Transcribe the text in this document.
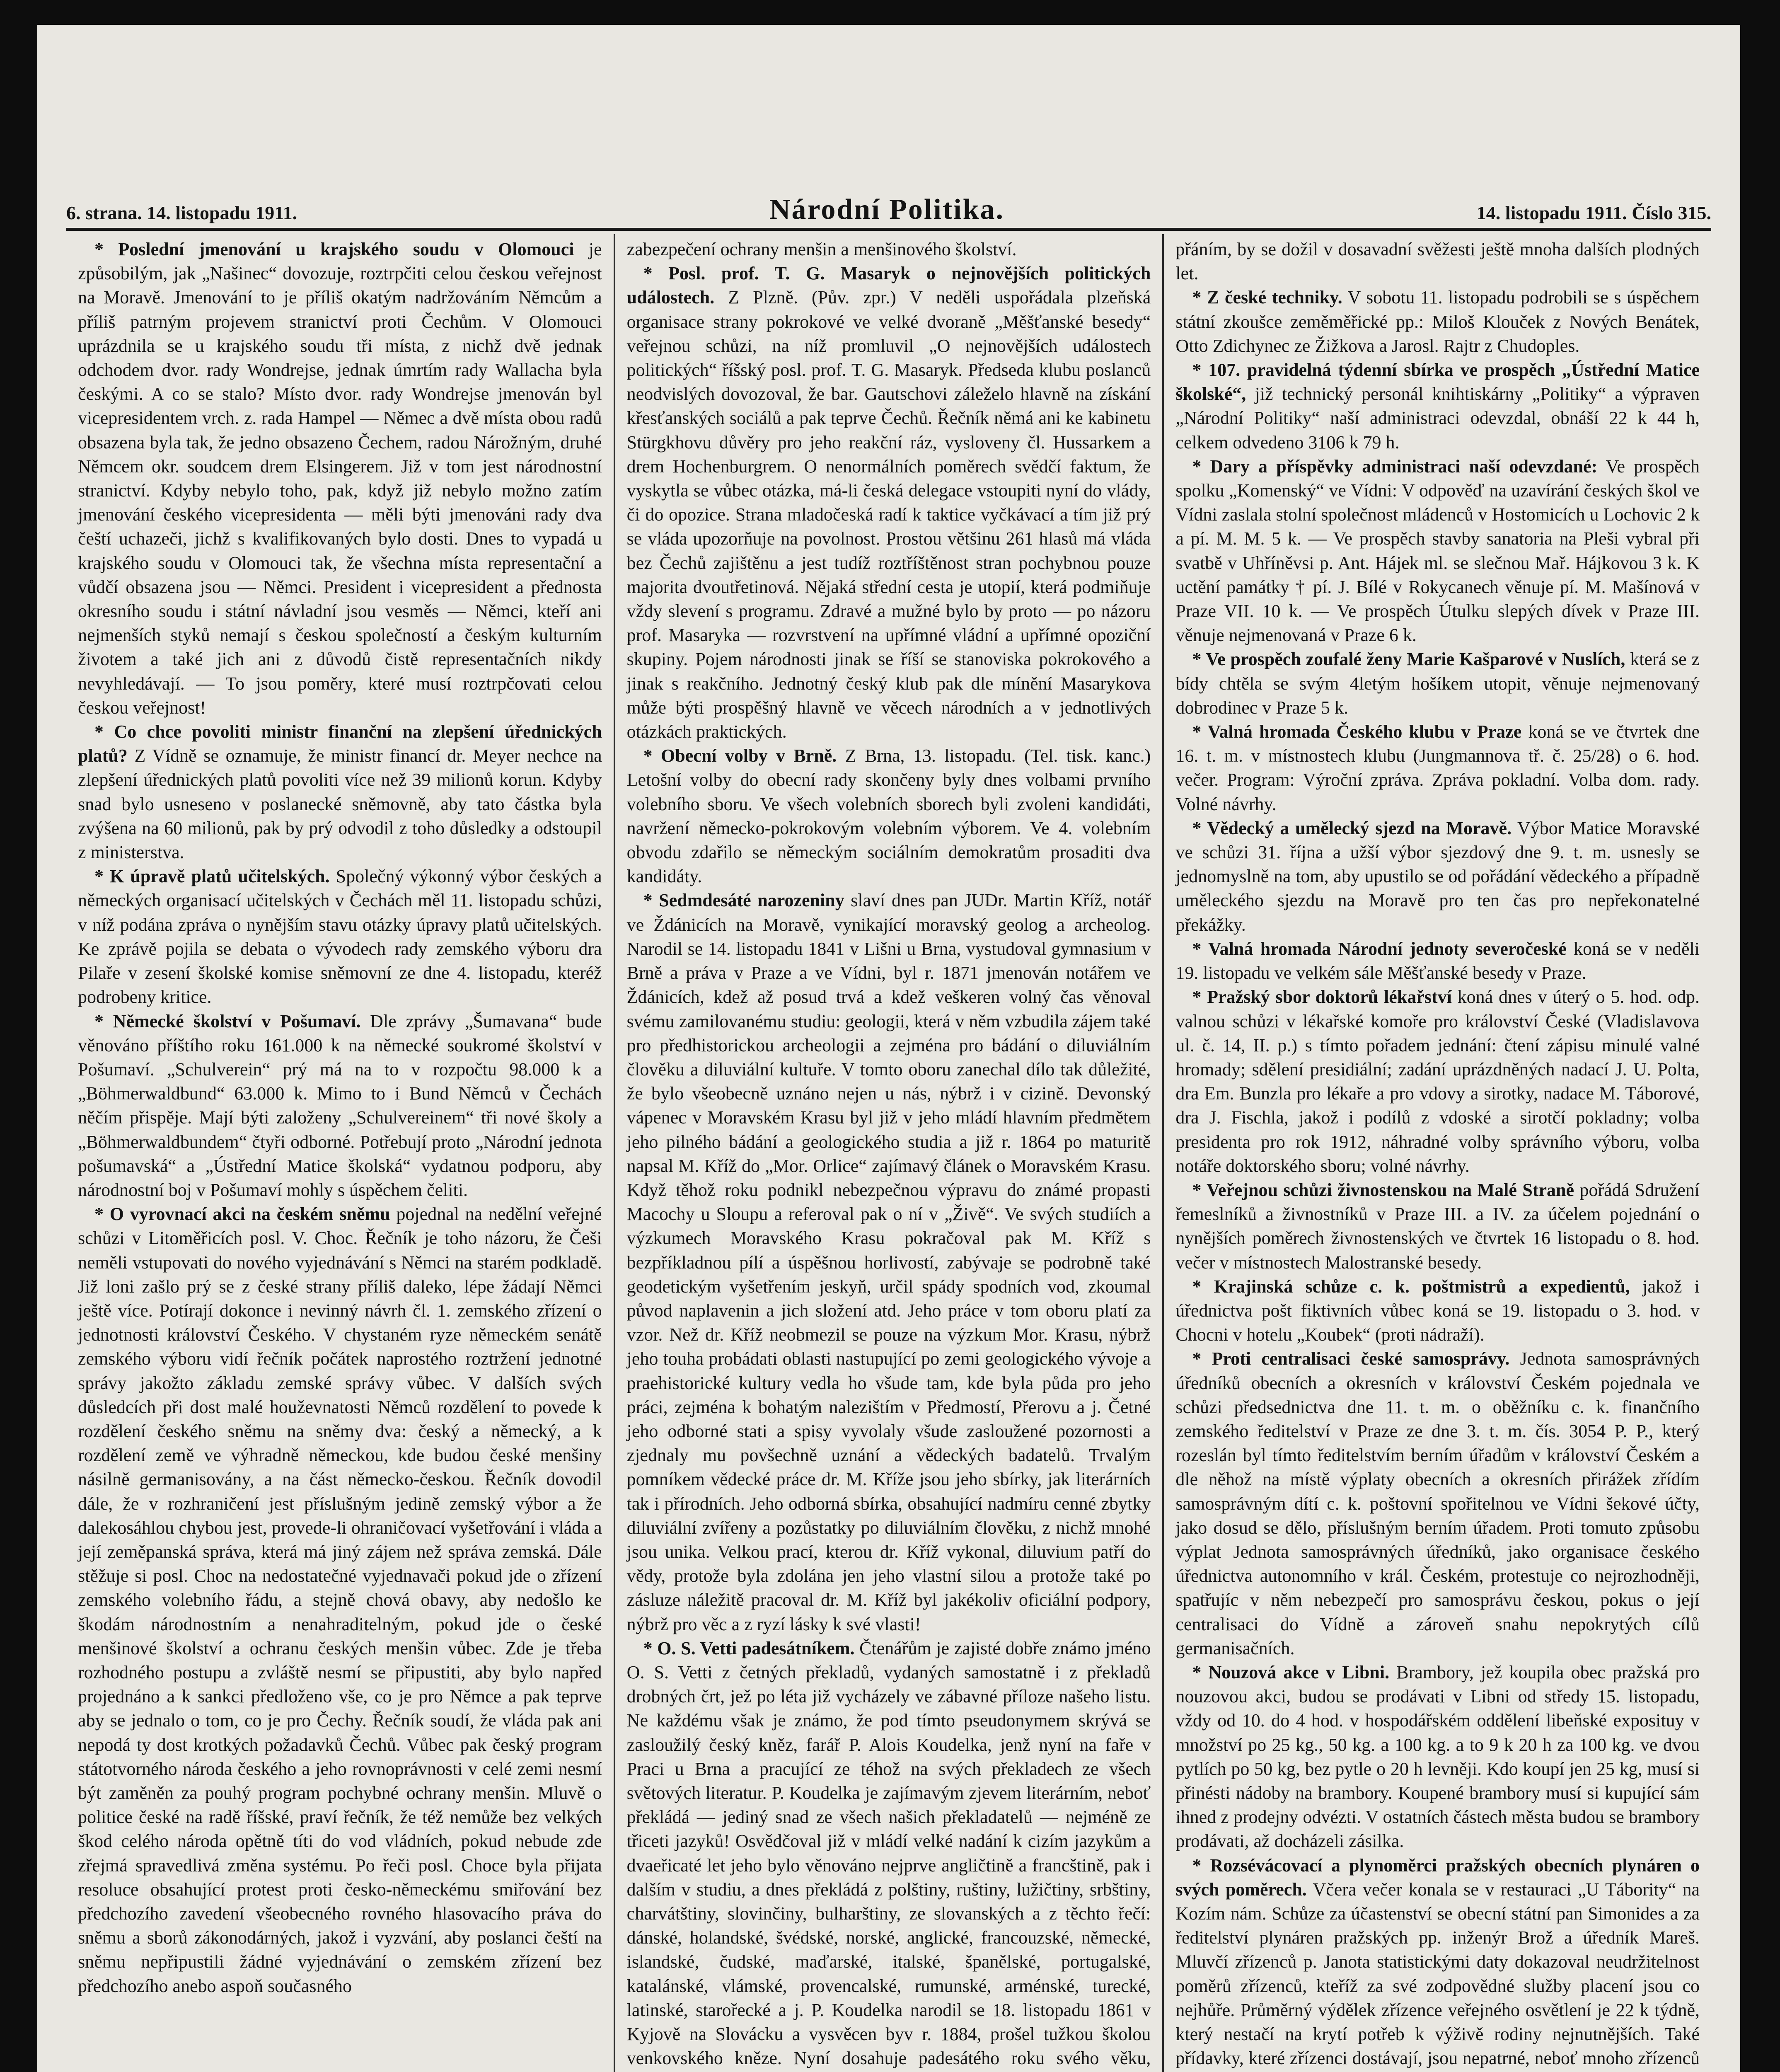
6. strana. 14. listopadu 1911.	Národní Politika.	14. listopadu 1911. Číslo 315.

* Poslední jmenování u krajského soudu v Olomouci je způsobilým, jak „Našinec“ dovozuje, roztrpčiti celou českou veřejnost na Moravě. Jmenování to je příliš okatým nadržováním Němcům a příliš patrným projevem stranictví proti Čechům. V Olomouci uprázdnila se u krajského soudu tři místa, z nichž dvě jednak odchodem dvor. rady Wondrejse, jednak úmrtím rady Wallacha byla českými. A co se stalo? Místo dvor. rady Wondrejse jmenován byl vicepresidentem vrch. z. rada Hampel — Němec a dvě místa obou radů obsazena byla tak, že jedno obsazeno Čechem, radou Nárožným, druhé Němcem okr. soudcem drem Elsingerem. Již v tom jest národnostní stranictví. Kdyby nebylo toho, pak, když již nebylo možno zatím jmenování českého vicepresidenta — měli býti jmenováni rady dva čeští uchazeči, jichž s kvalifikovaných bylo dosti. Dnes to vypadá u krajského soudu v Olomouci tak, že všechna místa representační a vůdčí obsazena jsou — Němci. President i vicepresident a přednosta okresního soudu i státní návladní jsou vesměs — Němci, kteří ani nejmenších styků nemají s českou společností a českým kulturním životem a také jich ani z důvodů čistě representačních nikdy nevyhledávají. — To jsou poměry, které musí roztrpčovati celou českou veřejnost!

* Co chce povoliti ministr finanční na zlepšení úřednických platů? Z Vídně se oznamuje, že ministr financí dr. Meyer nechce na zlepšení úřednických platů povoliti více než 39 milionů korun. Kdyby snad bylo usneseno v poslanecké sněmovně, aby tato částka byla zvýšena na 60 milionů, pak by prý odvodil z toho důsledky a odstoupil z ministerstva.

* K úpravě platů učitelských. Společný výkonný výbor českých a německých organisací učitelských v Čechách měl 11. listopadu schůzi, v níž podána zpráva o nynějším stavu otázky úpravy platů učitelských. Ke zprávě pojila se debata o vývodech rady zemského výboru dra Pilaře v zesení školské komise sněmovní ze dne 4. listopadu, kteréž podrobeny kritice.

* Německé školství v Pošumaví. Dle zprávy „Šumavana“ bude věnováno příštího roku 161.000 k na německé soukromé školství v Pošumaví. „Schulverein“ prý má na to v rozpočtu 98.000 k a „Böhmerwaldbund“ 63.000 k. Mimo to i Bund Němců v Čechách něčím přispěje. Mají býti založeny „Schulvereinem“ tři nové školy a „Böhmerwaldbundem“ čtyři odborné. Potřebují proto „Národní jednota pošumavská“ a „Ústřední Matice školská“ vydatnou podporu, aby národnostní boj v Pošumaví mohly s úspěchem čeliti.

* O vyrovnací akci na českém sněmu pojednal na nedělní veřejné schůzi v Litoměřicích posl. V. Choc. Řečník je toho názoru, že Češi neměli vstupovati do nového vyjednávání s Němci na starém podkladě. Již loni zašlo prý se z české strany příliš daleko, lépe žádají Němci ještě více. Potírají dokonce i nevinný návrh čl. 1. zemského zřízení o jednotnosti království Českého. V chystaném ryze německém senátě zemského výboru vidí řečník počátek naprostého roztržení jednotné správy jakožto základu zemské správy vůbec. V dalších svých důsledcích při dost malé houževnatosti Němců rozdělení to povede k rozdělení českého sněmu na sněmy dva: český a německý, a k rozdělení země ve výhradně německou, kde budou české menšiny násilně germanisovány, a na část německo-českou. Řečník dovodil dále, že v rozhraničení jest příslušným jedině zemský výbor a že dalekosáhlou chybou jest, provede-li ohraničovací vyšetřování i vláda a její zeměpanská správa, která má jiný zájem než správa zemská. Dále stěžuje si posl. Choc na nedostatečné vyjednavači pokud jde o zřízení zemského volebního řádu, a stejně chová obavy, aby nedošlo ke škodám národnostním a nenahraditelným, pokud jde o české menšinové školství a ochranu českých menšin vůbec. Zde je třeba rozhodného postupu a zvláště nesmí se připustiti, aby bylo napřed projednáno a k sankci předloženo vše, co je pro Němce a pak teprve aby se jednalo o tom, co je pro Čechy. Řečník soudí, že vláda pak ani nepodá ty dost krotkých požadavků Čechů. Vůbec pak český program státotvorného národa českého a jeho rovnoprávnosti v celé zemi nesmí být zaměněn za pouhý program pochybné ochrany menšin. Mluvě o politice české na radě říšské, praví řečník, že též nemůže bez velkých škod celého národa opětně títi do vod vládních, pokud nebude zde zřejmá spravedlivá změna systému. Po řeči posl. Choce byla přijata resoluce obsahující protest proti česko-německému smiřování bez předchozího zavedení všeobecného rovného hlasovacího práva do sněmu a sborů zákonodárných, jakož i vyzvání, aby poslanci čeští na sněmu nepřipustili žádné vyjednávání o zemském zřízení bez předchozího anebo aspoň současného

zabezpečení ochrany menšin a menšinového školství.

* Posl. prof. T. G. Masaryk o nejnovějších politických událostech. Z Plzně. (Pův. zpr.) V neděli uspořádala plzeňská organisace strany pokrokové ve velké dvoraně „Měšťanské besedy“ veřejnou schůzi, na níž promluvil „O nejnovějších událostech politických“ říšský posl. prof. T. G. Masaryk. Předseda klubu poslanců neodvislých dovozoval, že bar. Gautschovi záleželo hlavně na získání křesťanských sociálů a pak teprve Čechů. Řečník němá ani ke kabinetu Stürgkhovu důvěry pro jeho reakční ráz, vysloveny čl. Hussarkem a drem Hochenburgrem. O nenormálních poměrech svědčí faktum, že vyskytla se vůbec otázka, má-li česká delegace vstoupiti nyní do vlády, či do opozice. Strana mladočeská radí k taktice vyčkávací a tím již prý se vláda upozorňuje na povolnost. Prostou většinu 261 hlasů má vláda bez Čechů zajištěnu a jest tudíž roztříštěnost stran pochybnou pouze majorita dvoutřetinová. Nějaká střední cesta je utopií, která podmiňuje vždy slevení s programu. Zdravé a mužné bylo by proto — po názoru prof. Masaryka — rozvrstvení na upřímné vládní a upřímné opoziční skupiny. Pojem národnosti jinak se říší se stanoviska pokrokového a jinak s reakčního. Jednotný český klub pak dle mínění Masarykova může býti prospěšný hlavně ve věcech národních a v jednotlivých otázkách praktických.

* Obecní volby v Brně. Z Brna, 13. listopadu. (Tel. tisk. kanc.) Letošní volby do obecní rady skončeny byly dnes volbami prvního volebního sboru. Ve všech volebních sborech byli zvoleni kandidáti, navržení německo-pokrokovým volebním výborem. Ve 4. volebním obvodu zdařilo se německým sociálním demokratům prosaditi dva kandidáty.

* Sedmdesáté narozeniny slaví dnes pan JUDr. Martin Kříž, notář ve Ždánicích na Moravě, vynikající moravský geolog a archeolog. Narodil se 14. listopadu 1841 v Lišni u Brna, vystudoval gymnasium v Brně a práva v Praze a ve Vídni, byl r. 1871 jmenován notářem ve Ždánicích, kdež až posud trvá a kdež veškeren volný čas věnoval svému zamilovanému studiu: geologii, která v něm vzbudila zájem také pro předhistorickou archeologii a zejména pro bádání o diluviálním člověku a diluviální kultuře. V tomto oboru zanechal dílo tak důležité, že bylo všeobecně uznáno nejen u nás, nýbrž i v cizině. Devonský vápenec v Moravském Krasu byl již v jeho mládí hlavním předmětem jeho pilného bádání a geologického studia a již r. 1864 po maturitě napsal M. Kříž do „Mor. Orlice“ zajímavý článek o Moravském Krasu. Když těhož roku podnikl nebezpečnou výpravu do známé propasti Macochy u Sloupu a referoval pak o ní v „Živě“. Ve svých studiích a výzkumech Moravského Krasu pokračoval pak M. Kříž s bezpříkladnou pílí a úspěšnou horlivostí, zabývaje se podrobně také geodetickým vyšetřením jeskyň, určil spády spodních vod, zkoumal původ naplavenin a jich složení atd. Jeho práce v tom oboru platí za vzor. Než dr. Kříž neobmezil se pouze na výzkum Mor. Krasu, nýbrž jeho touha probádati oblasti nastupující po zemi geologického vývoje a praehistorické kultury vedla ho všude tam, kde byla půda pro jeho práci, zejména k bohatým nalezištím v Předmostí, Přerovu a j. Četné jeho odborné stati a spisy vyvolaly všude zasloužené pozornosti a zjednaly mu povšechně uznání a vědeckých badatelů. Trvalým pomníkem vědecké práce dr. M. Kříže jsou jeho sbírky, jak literárních tak i přírodních. Jeho odborná sbírka, obsahující nadmíru cenné zbytky diluviální zvířeny a pozůstatky po diluviálním člověku, z nichž mnohé jsou unika. Velkou prací, kterou dr. Kříž vykonal, diluvium patří do vědy, protože byla zdolána jen jeho vlastní silou a protože také po zásluze náležitě pracoval dr. M. Kříž byl jakékoliv oficiální podpory, nýbrž pro věc a z ryzí lásky k své vlasti!

* O. S. Vetti padesátníkem. Čtenářům je zajisté dobře známo jméno O. S. Vetti z četných překladů, vydaných samostatně i z překladů drobných črt, jež po léta již vycházely ve zábavné příloze našeho listu. Ne každému však je známo, že pod tímto pseudonymem skrývá se zasloužilý český kněz, farář P. Alois Koudelka, jenž nyní na faře v Praci u Brna a pracující ze téhož na svých překladech ze všech světových literatur. P. Koudelka je zajímavým zjevem literárním, neboť překládá — jediný snad ze všech našich překladatelů — nejméně ze třiceti jazyků! Osvědčoval již v mládí velké nadání k cizím jazykům a dvaeřicaté let jeho bylo věnováno nejprve angličtině a francštině, pak i dalším v studiu, a dnes překládá z polštiny, ruštiny, lužičtiny, srbštiny, charvátštiny, slovinčiny, bulharštiny, ze slovanských a z těchto řečí: dánské, holandské, švédské, norské, anglické, francouzské, německé, islandské, čudské, maďarské, italské, španělské, portugalské, katalánské, vlámské, provencalské, rumunské, arménské, turecké, latinské, starořecké a j. P. Koudelka narodil se 18. listopadu 1861 v Kyjově na Slovácku a vysvěcen byv r. 1884, prošel tužkou školou venkovského kněze. Nyní dosahuje padesátého roku svého věku,

přáním, by se dožil v dosavadní svěžesti ještě mnoha dalších plodných let.

* Z české techniky. V sobotu 11. listopadu podrobili se s úspěchem státní zkoušce zeměměřické pp.: Miloš Klouček z Nových Benátek, Otto Zdichynec ze Žižkova a Jarosl. Rajtr z Chudoples.

* 107. pravidelná týdenní sbírka ve prospěch „Ústřední Matice školské“, již technický personál knihtiskárny „Politiky“ a výpraven „Národní Politiky“ naší administraci odevzdal, obnáší 22 k 44 h, celkem odvedeno 3106 k 79 h.

* Dary a příspěvky administraci naší odevzdané: Ve prospěch spolku „Komenský“ ve Vídni: V odpověď na uzavírání českých škol ve Vídni zaslala stolní společnost mládenců v Hostomicích u Lochovic 2 k a pí. M. M. 5 k. — Ve prospěch stavby sanatoria na Pleši vybral při svatbě v Uhříněvsi p. Ant. Hájek ml. se slečnou Mař. Hájkovou 3 k. K uctění památky † pí. J. Bílé v Rokycanech věnuje pí. M. Mašínová v Praze VII. 10 k. — Ve prospěch Útulku slepých dívek v Praze III. věnuje nejmenovaná v Praze 6 k.

* Ve prospěch zoufalé ženy Marie Kašparové v Nuslích, která se z bídy chtěla se svým 4letým hošíkem utopit, věnuje nejmenovaný dobrodinec v Praze 5 k.

* Valná hromada Českého klubu v Praze koná se ve čtvrtek dne 16. t. m. v místnostech klubu (Jungmannova tř. č. 25/28) o 6. hod. večer. Program: Výroční zpráva. Zpráva pokladní. Volba dom. rady. Volné návrhy.

* Vědecký a umělecký sjezd na Moravě. Výbor Matice Moravské ve schůzi 31. října a užší výbor sjezdový dne 9. t. m. usnesly se jednomyslně na tom, aby upustilo se od pořádání vědeckého a případně uměleckého sjezdu na Moravě pro ten čas pro nepřekonatelné překážky.

* Valná hromada Národní jednoty severočeské koná se v neděli 19. listopadu ve velkém sále Měšťanské besedy v Praze.

* Pražský sbor doktorů lékařství koná dnes v úterý o 5. hod. odp. valnou schůzi v lékařské komoře pro království České (Vladislavova ul. č. 14, II. p.) s tímto pořadem jednání: čtení zápisu minulé valné hromady; sdělení presidiální; zadání uprázdněných nadací J. U. Polta, dra Em. Bunzla pro lékaře a pro vdovy a sirotky, nadace M. Táborové, dra J. Fischla, jakož i podílů z vdoské a sirotčí pokladny; volba presidenta pro rok 1912, náhradné volby správního výboru, volba notáře doktorského sboru; volné návrhy.

* Veřejnou schůzi živnostenskou na Malé Straně pořádá Sdružení řemeslníků a živnostníků v Praze III. a IV. za účelem pojednání o nynějších poměrech živnostenských ve čtvrtek 16 listopadu o 8. hod. večer v místnostech Malostranské besedy.

* Krajinská schůze c. k. poštmistrů a expedientů, jakož i úřednictva pošt fiktivních vůbec koná se 19. listopadu o 3. hod. v Chocni v hotelu „Koubek“ (proti nádraží).

* Proti centralisaci české samosprávy. Jednota samosprávných úředníků obecních a okresních v království Českém pojednala ve schůzi předsednictva dne 11. t. m. o oběžníku c. k. finančního zemského ředitelství v Praze ze dne 3. t. m. čís. 3054 P. P., který rozeslán byl tímto ředitelstvím berním úřadům v království Českém a dle něhož na místě výplaty obecních a okresních přirážek zřídím samosprávným dítí c. k. poštovní spořitelnou ve Vídni šekové účty, jako dosud se dělo, příslušným berním úřadem. Proti tomuto způsobu výplat Jednota samosprávných úředníků, jako organisace českého úřednictva autonomního v král. Českém, protestuje co nejrozhodněji, spatřujíc v něm nebezpečí pro samosprávu českou, pokus o její centralisaci do Vídně a zároveň snahu nepokrytých cílů germanisačních.

* Nouzová akce v Libni. Brambory, jež koupila obec pražská pro nouzovou akci, budou se prodávati v Libni od středy 15. listopadu, vždy od 10. do 4 hod. v hospodářském oddělení libeňské exposituy v množství po 25 kg., 50 kg. a 100 kg. a to 9 k 20 h za 100 kg. ve dvou pytlích po 50 kg, bez pytle o 20 h levněji. Kdo koupí jen 25 kg, musí si přinésti nádoby na brambory. Koupené brambory musí si kupující sám ihned z prodejny odvézti. V ostatních částech města budou se brambory prodávati, až docházeli zásilka.

* Rozsévácovací a plynoměrci pražských obecních plynáren o svých poměrech. Včera večer konala se v restauraci „U Tábority“ na Kozím nám. Schůze za účastenství se obecní státní pan Simonides a za ředitelství plynáren pražských pp. inženýr Brož a úředník Mareš. Mluvčí zřízenců p. Janota statistickými daty dokazoval neudržitelnost poměrů zřízenců, kteříž za své zodpovědné služby placení jsou co nejhůře. Průměrný výdělek zřízence veřejného osvětlení je 22 k týdně, který nestačí na krytí potřeb k výživě rodiny nejnutnějších. Také přídavky, které zřízenci dostávají, jsou nepatrné, neboť mnoho zřízenců
